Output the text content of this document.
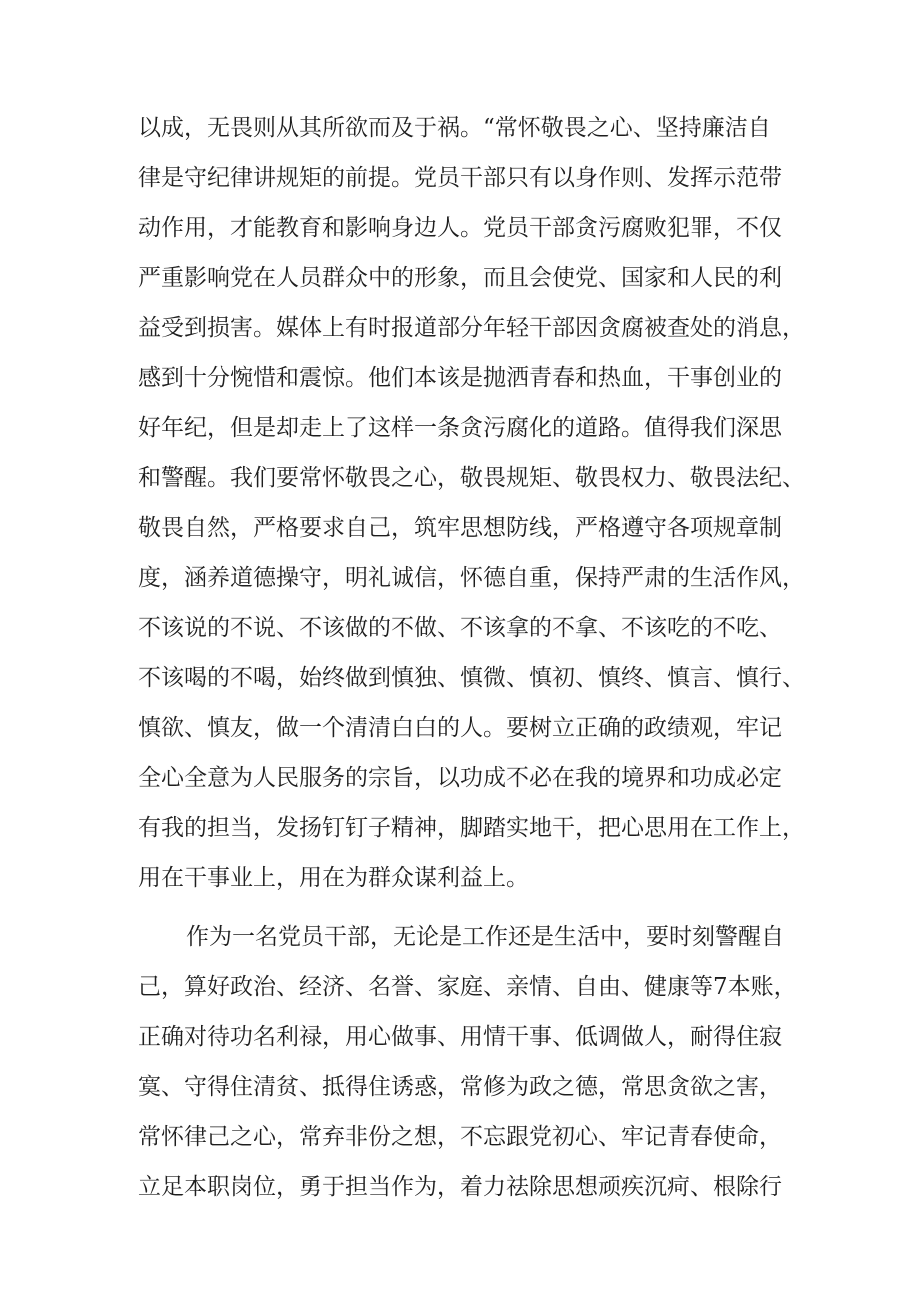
以成，无畏则从其所欲而及于祸。“常怀敬畏之心、坚持廉洁自
律是守纪律讲规矩的前提。党员干部只有以身作则、发挥示范带
动作用，才能教育和影响身边人。党员干部贪污腐败犯罪，不仅
严重影响党在人员群众中的形象，而且会使党、国家和人民的利
益受到损害。媒体上有时报道部分年轻干部因贪腐被查处的消息，
感到十分惋惜和震惊。他们本该是抛洒青春和热血，干事创业的
好年纪，但是却走上了这样一条贪污腐化的道路。值得我们深思
和警醒。我们要常怀敬畏之心，敬畏规矩、敬畏权力、敬畏法纪、
敬畏自然，严格要求自己，筑牢思想防线，严格遵守各项规章制
度，涵养道德操守，明礼诚信，怀德自重，保持严肃的生活作风，
不该说的不说、不该做的不做、不该拿的不拿、不该吃的不吃、
不该喝的不喝，始终做到慎独、慎微、慎初、慎终、慎言、慎行、
慎欲、慎友，做一个清清白白的人。要树立正确的政绩观，牢记
全心全意为人民服务的宗旨，以功成不必在我的境界和功成必定
有我的担当，发扬钉钉子精神，脚踏实地干，把心思用在工作上，
用在干事业上，用在为群众谋利益上。
作为一名党员干部，无论是工作还是生活中，要时刻警醒自
己，算好政治、经济、名誉、家庭、亲情、自由、健康等7本账，
正确对待功名利禄，用心做事、用情干事、低调做人，耐得住寂
寞、守得住清贫、抵得住诱惑，常修为政之德，常思贪欲之害，
常怀律己之心，常弃非份之想，不忘跟党初心、牢记青春使命，
立足本职岗位，勇于担当作为，着力祛除思想顽疾沉疴、根除行
